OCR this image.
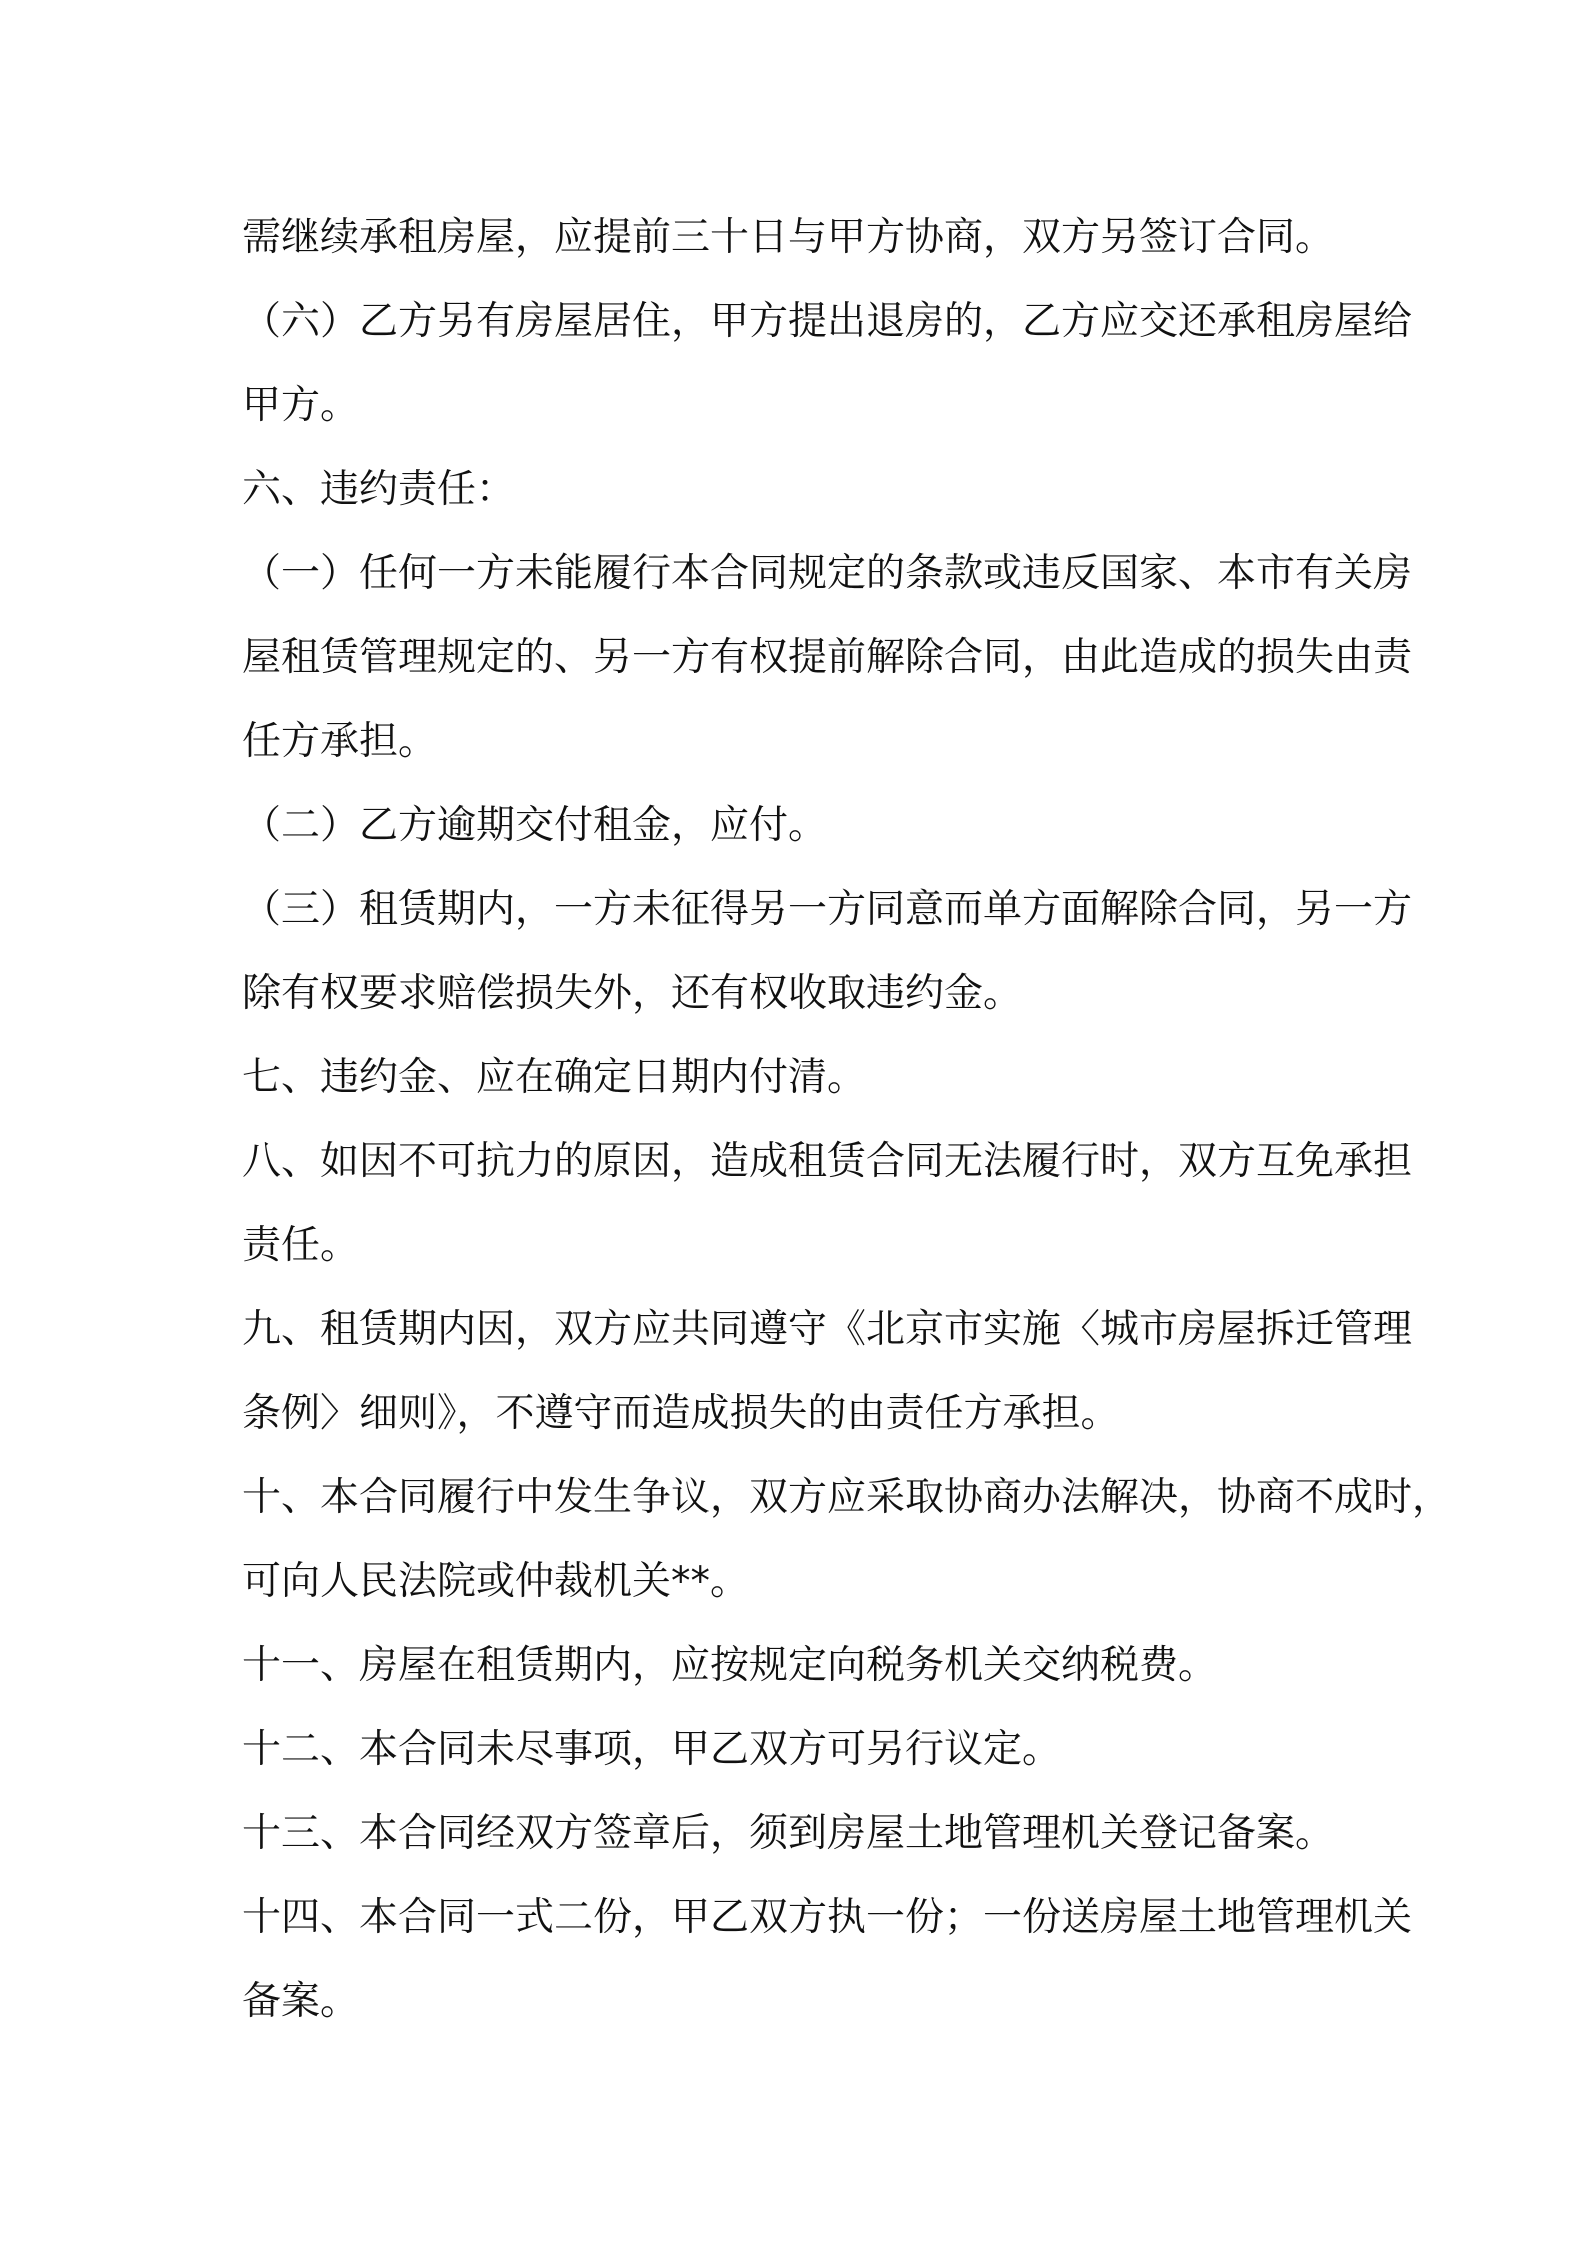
需继续承租房屋，应提前三十日与甲方协商，双方另签订合同。
（六）乙方另有房屋居住，甲方提出退房的，乙方应交还承租房屋给
甲方。
六、违约责任：
（一）任何一方未能履行本合同规定的条款或违反国家、本市有关房
屋租赁管理规定的、另一方有权提前解除合同，由此造成的损失由责
任方承担。
（二）乙方逾期交付租金，应付。
（三）租赁期内，一方未征得另一方同意而单方面解除合同，另一方
除有权要求赔偿损失外，还有权收取违约金。
七、违约金、应在确定日期内付清。
八、如因不可抗力的原因，造成租赁合同无法履行时，双方互免承担
责任。
九、租赁期内因，双方应共同遵守《北京市实施〈城市房屋拆迁管理
条例〉细则》，不遵守而造成损失的由责任方承担。
十、本合同履行中发生争议，双方应采取协商办法解决，协商不成时，
可向人民法院或仲裁机关**。
十一、房屋在租赁期内，应按规定向税务机关交纳税费。
十二、本合同未尽事项，甲乙双方可另行议定。
十三、本合同经双方签章后，须到房屋土地管理机关登记备案。
十四、本合同一式二份，甲乙双方执一份；一份送房屋土地管理机关
备案。
